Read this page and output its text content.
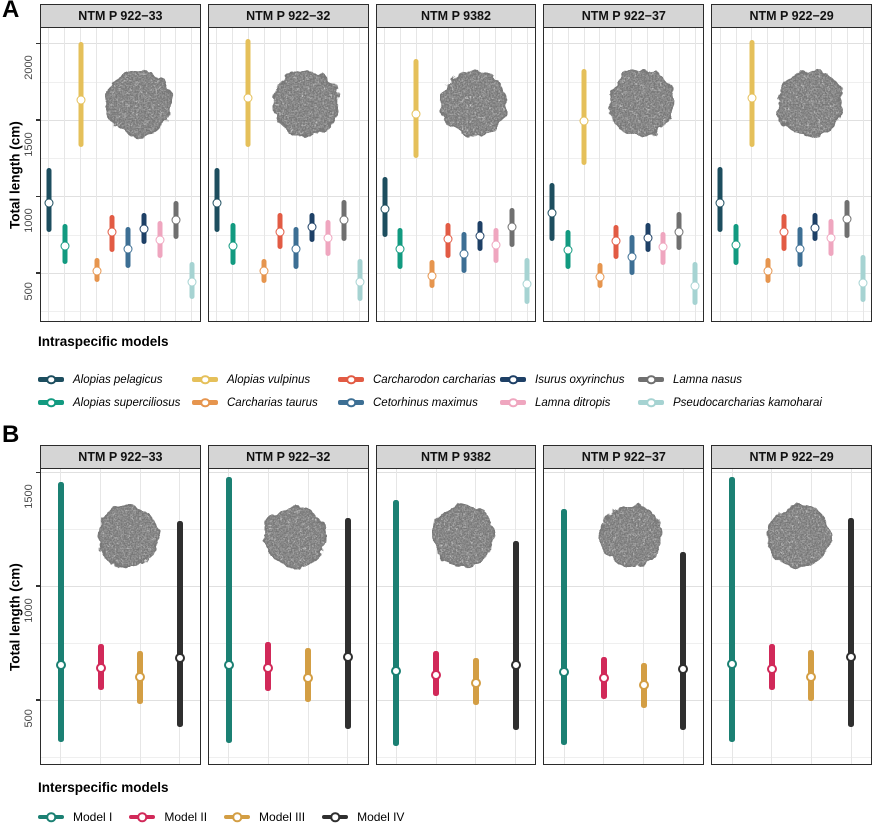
A
Total length (cm)
NTM P 922−33	NTM P 922−32	NTM P 9382	NTM P 922−37	NTM P 922−29
500
1000
1500
2000
Intraspecific models
Alopias pelagicus
Alopias superciliosus
Alopias vulpinus
Carcharias taurus
Carcharodon carcharias
Cetorhinus maximus
Isurus oxyrinchus
Lamna ditropis
Lamna nasus
Pseudocarcharias kamoharai
B
Total length (cm)
NTM P 922−33	NTM P 922−32	NTM P 9382	NTM P 922−37	NTM P 922−29
500
1000
1500
Interspecific models
Model I	Model II	Model III	Model IV
